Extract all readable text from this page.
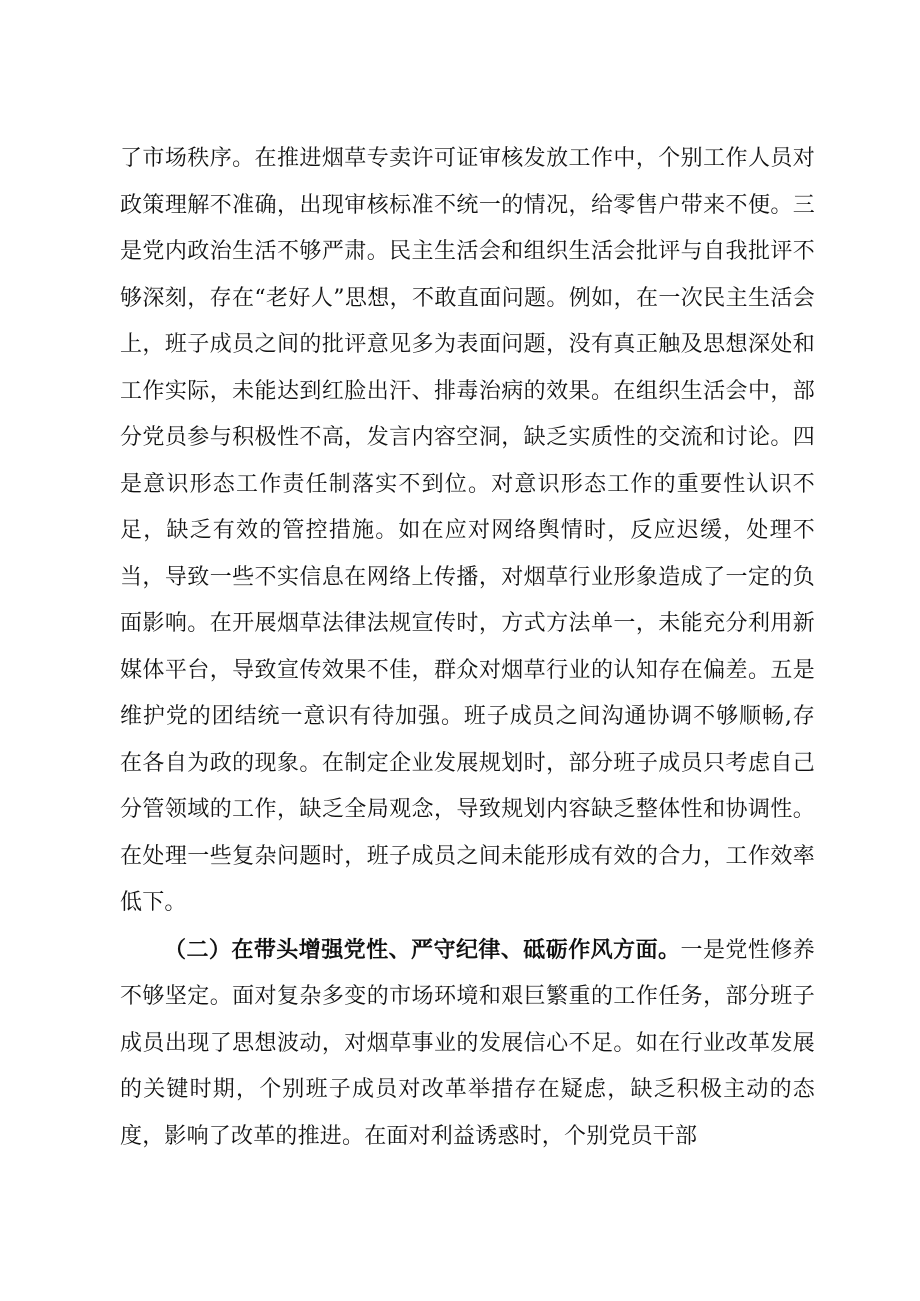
了市场秩序。在推进烟草专卖许可证审核发放工作中，个别工作人员对政策理解不准确，出现审核标准不统一的情况，给零售户带来不便。三是党内政治生活不够严肃。民主生活会和组织生活会批评与自我批评不够深刻，存在“老好人”思想，不敢直面问题。例如，在一次民主生活会上，班子成员之间的批评意见多为表面问题，没有真正触及思想深处和工作实际，未能达到红脸出汗、排毒治病的效果。在组织生活会中，部分党员参与积极性不高，发言内容空洞，缺乏实质性的交流和讨论。四是意识形态工作责任制落实不到位。对意识形态工作的重要性认识不足，缺乏有效的管控措施。如在应对网络舆情时，反应迟缓，处理不当，导致一些不实信息在网络上传播，对烟草行业形象造成了一定的负面影响。在开展烟草法律法规宣传时，方式方法单一，未能充分利用新媒体平台，导致宣传效果不佳，群众对烟草行业的认知存在偏差。五是维护党的团结统一意识有待加强。班子成员之间沟通协调不够顺畅,存在各自为政的现象。在制定企业发展规划时，部分班子成员只考虑自己分管领域的工作，缺乏全局观念，导致规划内容缺乏整体性和协调性。在处理一些复杂问题时，班子成员之间未能形成有效的合力，工作效率低下。

（二）在带头增强党性、严守纪律、砥砺作风方面。一是党性修养不够坚定。面对复杂多变的市场环境和艰巨繁重的工作任务，部分班子成员出现了思想波动，对烟草事业的发展信心不足。如在行业改革发展的关键时期，个别班子成员对改革举措存在疑虑，缺乏积极主动的态度，影响了改革的推进。在面对利益诱惑时，个别党员干部
